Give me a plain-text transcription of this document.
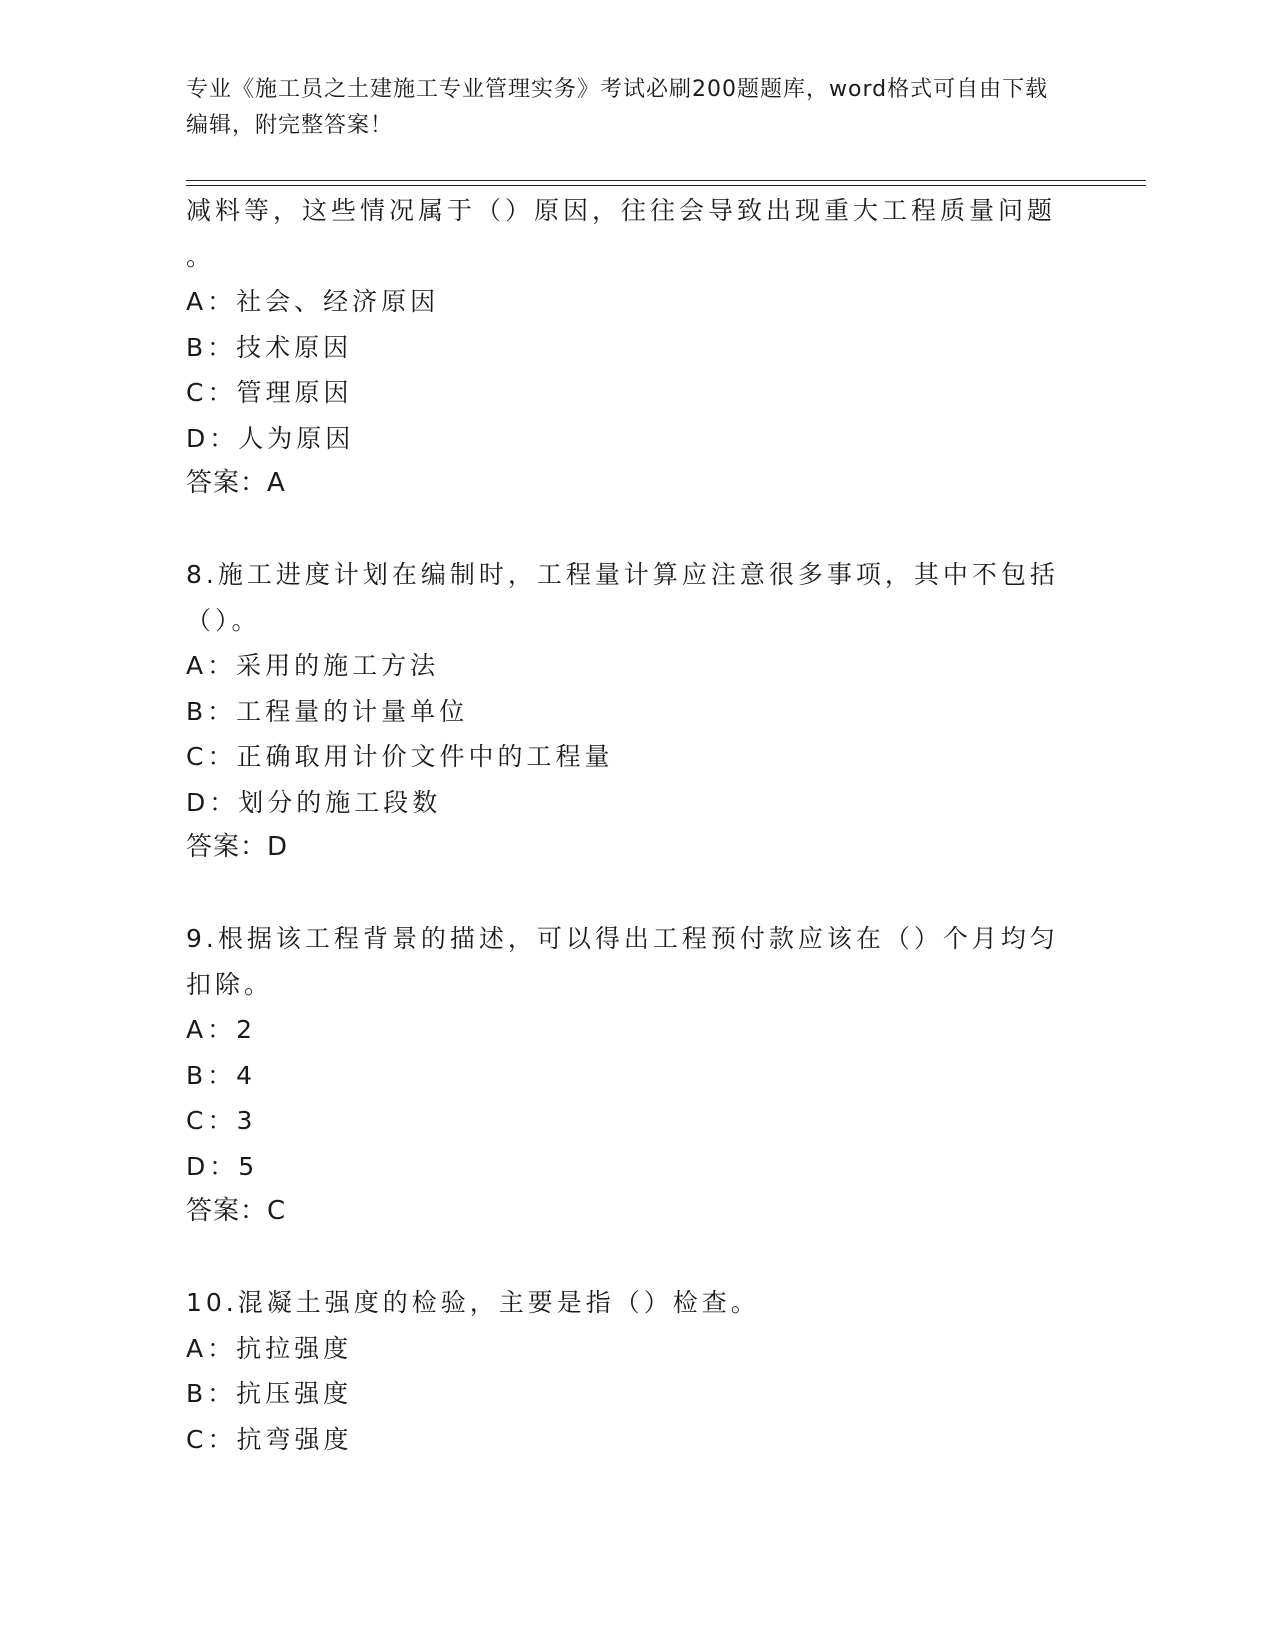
专业《施工员之土建施工专业管理实务》考试必刷200题题库，word格式可自由下载编辑，附完整答案！
减料等，这些情况属于（）原因，往往会导致出现重大工程质量问题
。
A：社会、经济原因
B：技术原因
C：管理原因
D：人为原因
答案：A
8.施工进度计划在编制时，工程量计算应注意很多事项，其中不包括
（）。
A：采用的施工方法
B：工程量的计量单位
C：正确取用计价文件中的工程量
D：划分的施工段数
答案：D
9.根据该工程背景的描述，可以得出工程预付款应该在（）个月均匀
扣除。
A：2
B：4
C：3
D：5
答案：C
10.混凝土强度的检验，主要是指（）检查。
A：抗拉强度
B：抗压强度
C：抗弯强度
